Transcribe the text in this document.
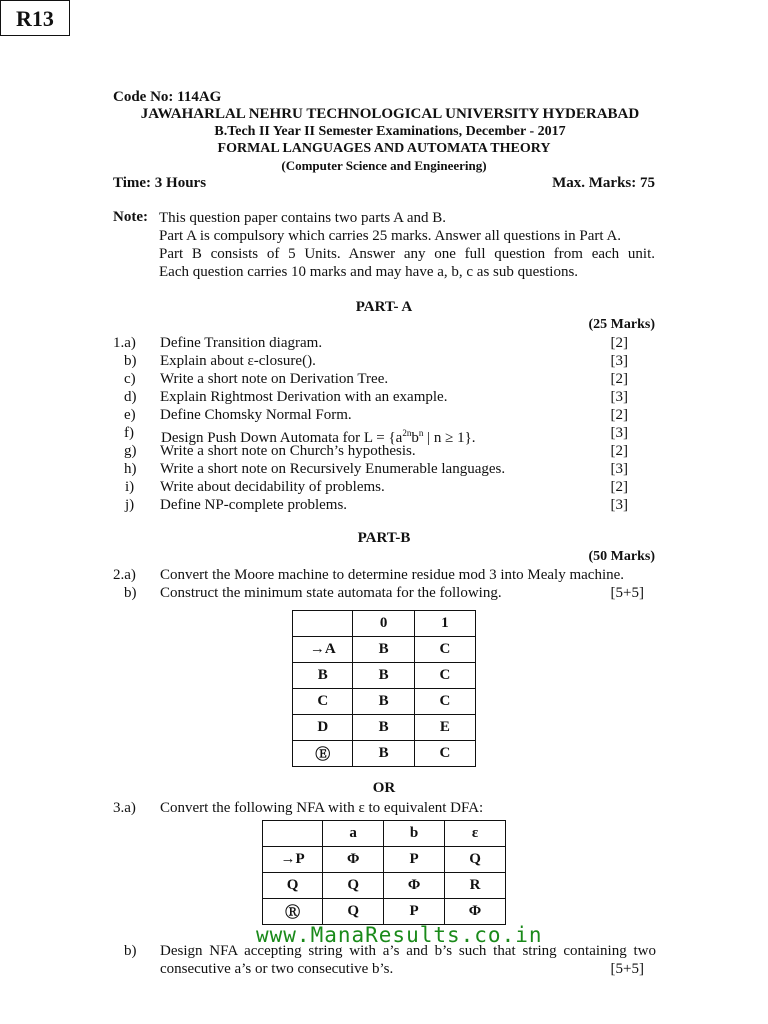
R13
Code No: 114AG
JAWAHARLAL NEHRU TECHNOLOGICAL UNIVERSITY HYDERABAD
B.Tech II Year II Semester Examinations, December - 2017
FORMAL LANGUAGES AND AUTOMATA THEORY
(Computer Science and Engineering)
Time: 3 Hours	Max. Marks: 75
Note: This question paper contains two parts A and B.
Part A is compulsory which carries 25 marks. Answer all questions in Part A.
Part B consists of 5 Units. Answer any one full question from each unit.
Each question carries 10 marks and may have a, b, c as sub questions.
PART- A
(25 Marks)
1.a) Define Transition diagram.	[2]
b) Explain about ε-closure().	[3]
c) Write a short note on Derivation Tree.	[2]
d) Explain Rightmost Derivation with an example.	[3]
e) Define Chomsky Normal Form.	[2]
f) Design Push Down Automata for $L = \{a^{2n}b^n$ | n ≥ 1}.	[3]
g) Write a short note on Church’s hypothesis.	[2]
h) Write a short note on Recursively Enumerable languages.	[3]
i) Write about decidability of problems.	[2]
j) Define NP-complete problems.	[3]
PART-B
(50 Marks)
2.a) Convert the Moore machine to determine residue mod 3 into Mealy machine.
b) Construct the minimum state automata for the following.	[5+5]
	0	1
→A	B	C
B	B	C
C	B	C
D	B	E
Ⓔ	B	C
OR
3.a) Convert the following NFA with ε to equivalent DFA:
	a	b	ε
→P	Φ	P	Q
Q	Q	Φ	R
Ⓡ	Q	P	Φ
www.ManaResults.co.in
b) Design NFA accepting string with a’s and b’s such that string containing two
consecutive a’s or two consecutive b’s.	[5+5]
